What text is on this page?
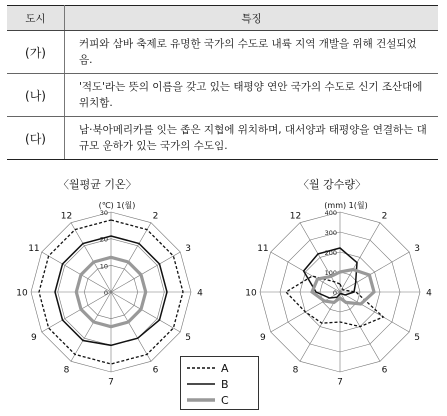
도시	특징
(가)	커피와 삼바 축제로 유명한 국가의 수도로 내륙 지역 개발을 위해 건설되었음.
(나)	'적도'라는 뜻의 이름을 갖고 있는 태평양 연안 국가의 수도로 신기 조산대에 위치함.
(다)	남·북아메리카를 잇는 좁은 지협에 위치하며, 대서양과 태평양을 연결하는 대규모 운하가 있는 국가의 수도임.
〈월평균 기온〉	〈월 강수량〉
0
10
20
30
(℃) 1(월)
2
3
4
5
6
7
8
9
10
11
12
0
100
200
300
400
(mm) 1(월)
2
3
4
5
6
7
8
9
10
11
12
A
B
C
